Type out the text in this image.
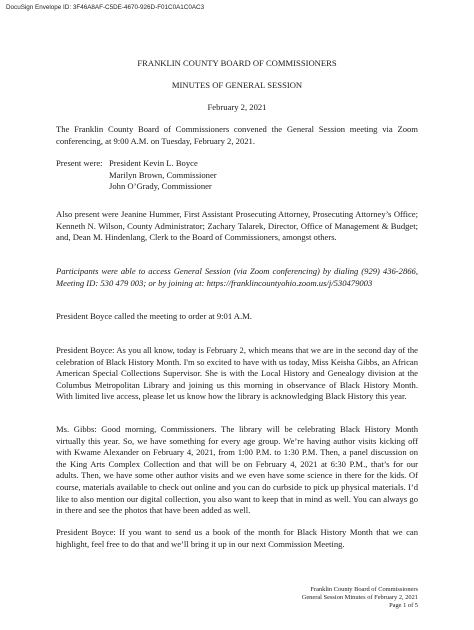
DocuSign Envelope ID: 3F46A8AF-C5DE-4670-926D-F01C0A1C0AC3
FRANKLIN COUNTY BOARD OF COMMISSIONERS
MINUTES OF GENERAL SESSION
February 2, 2021
The Franklin County Board of Commissioners convened the General Session meeting via Zoom conferencing, at 9:00 A.M. on Tuesday, February 2, 2021.
Present were: President Kevin L. Boyce
Marilyn Brown, Commissioner
John O’Grady, Commissioner
Also present were Jeanine Hummer, First Assistant Prosecuting Attorney, Prosecuting Attorney’s Office; Kenneth N. Wilson, County Administrator; Zachary Talarek, Director, Office of Management & Budget; and, Dean M. Hindenlang, Clerk to the Board of Commissioners, amongst others.
Participants were able to access General Session (via Zoom conferencing) by dialing (929) 436-2866, Meeting ID: 530 479 003; or by joining at: https://franklincountyohio.zoom.us/j/530479003
President Boyce called the meeting to order at 9:01 A.M.
President Boyce: As you all know, today is February 2, which means that we are in the second day of the celebration of Black History Month. I'm so excited to have with us today, Miss Keisha Gibbs, an African American Special Collections Supervisor. She is with the Local History and Genealogy division at the Columbus Metropolitan Library and joining us this morning in observance of Black History Month. With limited live access, please let us know how the library is acknowledging Black History this year.
Ms. Gibbs: Good morning, Commissioners. The library will be celebrating Black History Month virtually this year. So, we have something for every age group. We’re having author visits kicking off with Kwame Alexander on February 4, 2021, from 1:00 P.M. to 1:30 P.M. Then, a panel discussion on the King Arts Complex Collection and that will be on February 4, 2021 at 6:30 P.M., that’s for our adults. Then, we have some other author visits and we even have some science in there for the kids. Of course, materials available to check out online and you can do curbside to pick up physical materials. I’d like to also mention our digital collection, you also want to keep that in mind as well. You can always go in there and see the photos that have been added as well.
President Boyce: If you want to send us a book of the month for Black History Month that we can highlight, feel free to do that and we’ll bring it up in our next Commission Meeting.
Franklin County Board of Commissioners
General Session Minutes of February 2, 2021
Page 1 of 5
